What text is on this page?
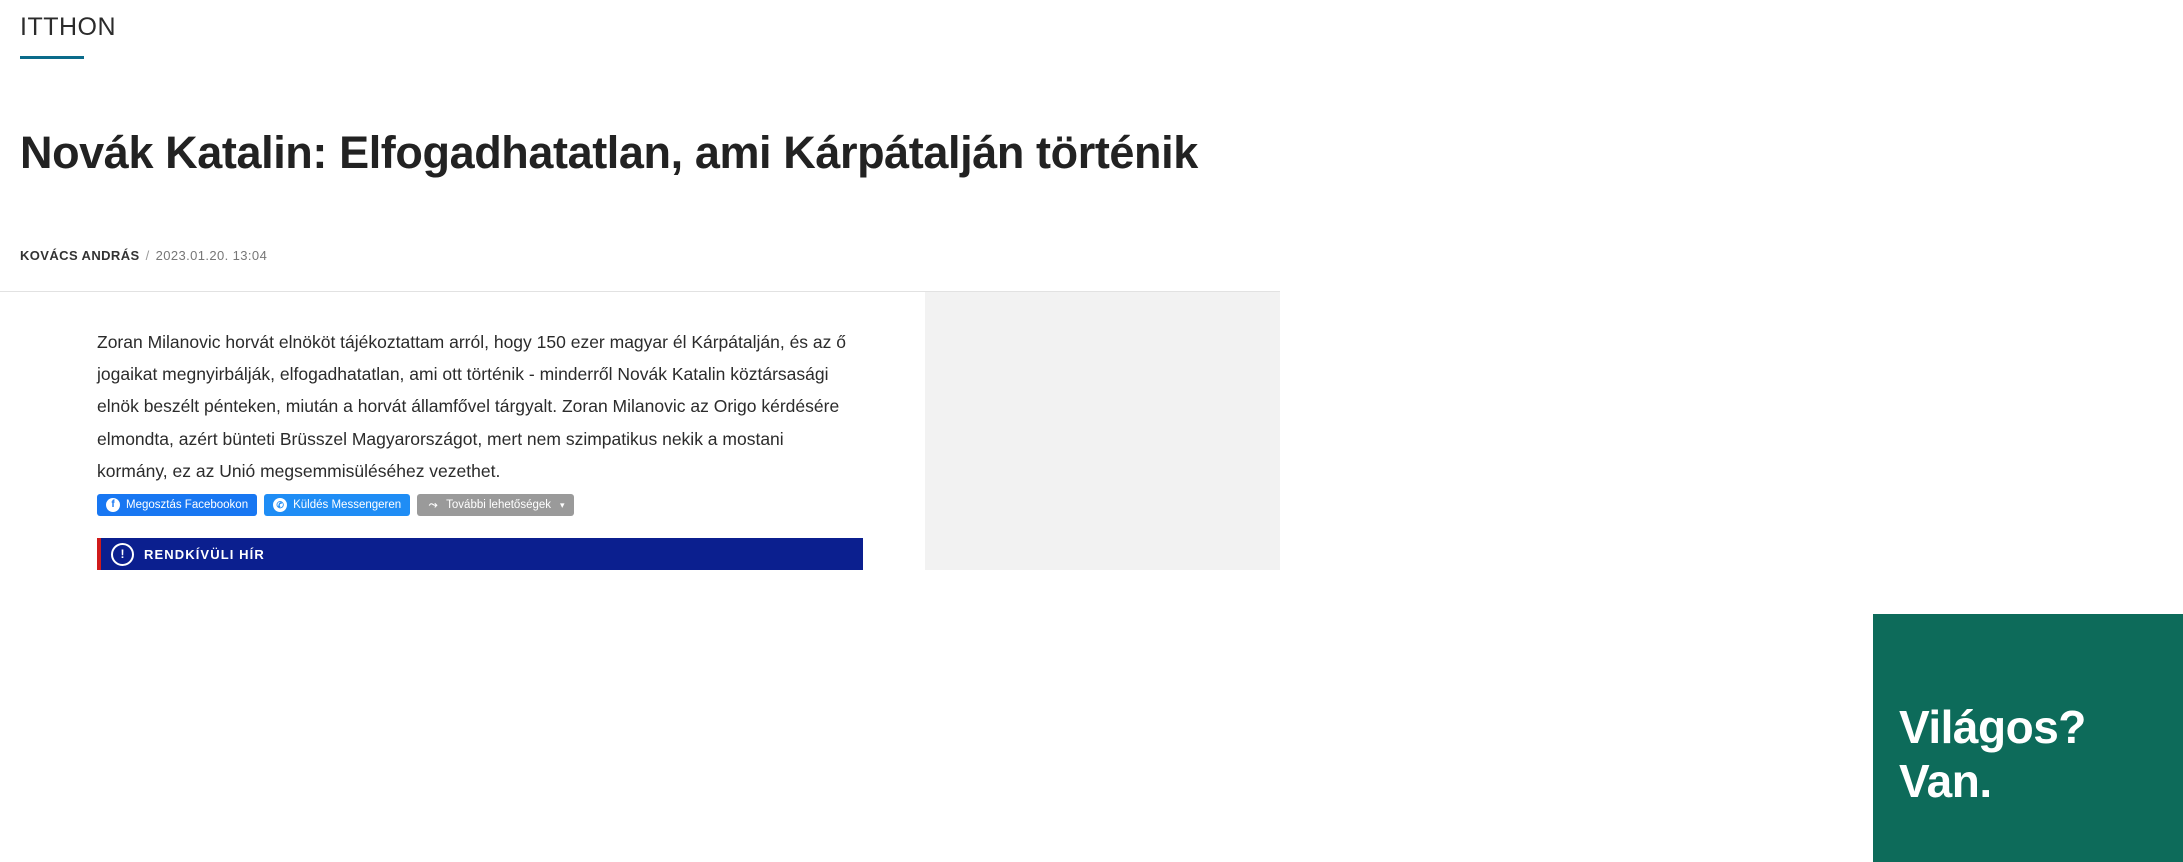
ITTHON
Novák Katalin: Elfogadhatatlan, ami Kárpátalján történik
KOVÁCS ANDRÁS / 2023.01.20. 13:04

Zoran Milanovic horvát elnököt tájékoztattam arról, hogy 150 ezer magyar él Kárpátalján, és az ő jogaikat megnyirbálják, elfogadhatatlan, ami ott történik - minderről Novák Katalin köztársasági elnök beszélt pénteken, miután a horvát államfővel tárgyalt. Zoran Milanovic az Origo kérdésére elmondta, azért bünteti Brüsszel Magyarországot, mert nem szimpatikus nekik a mostani kormány, ez az Unió megsemmisüléséhez vezethet.

f Megosztás Facebookon	✆ Küldés Messengeren	⤳ További lehetőségek ▾
!	RENDKÍVÜLI HÍR
Világos?
Van.
